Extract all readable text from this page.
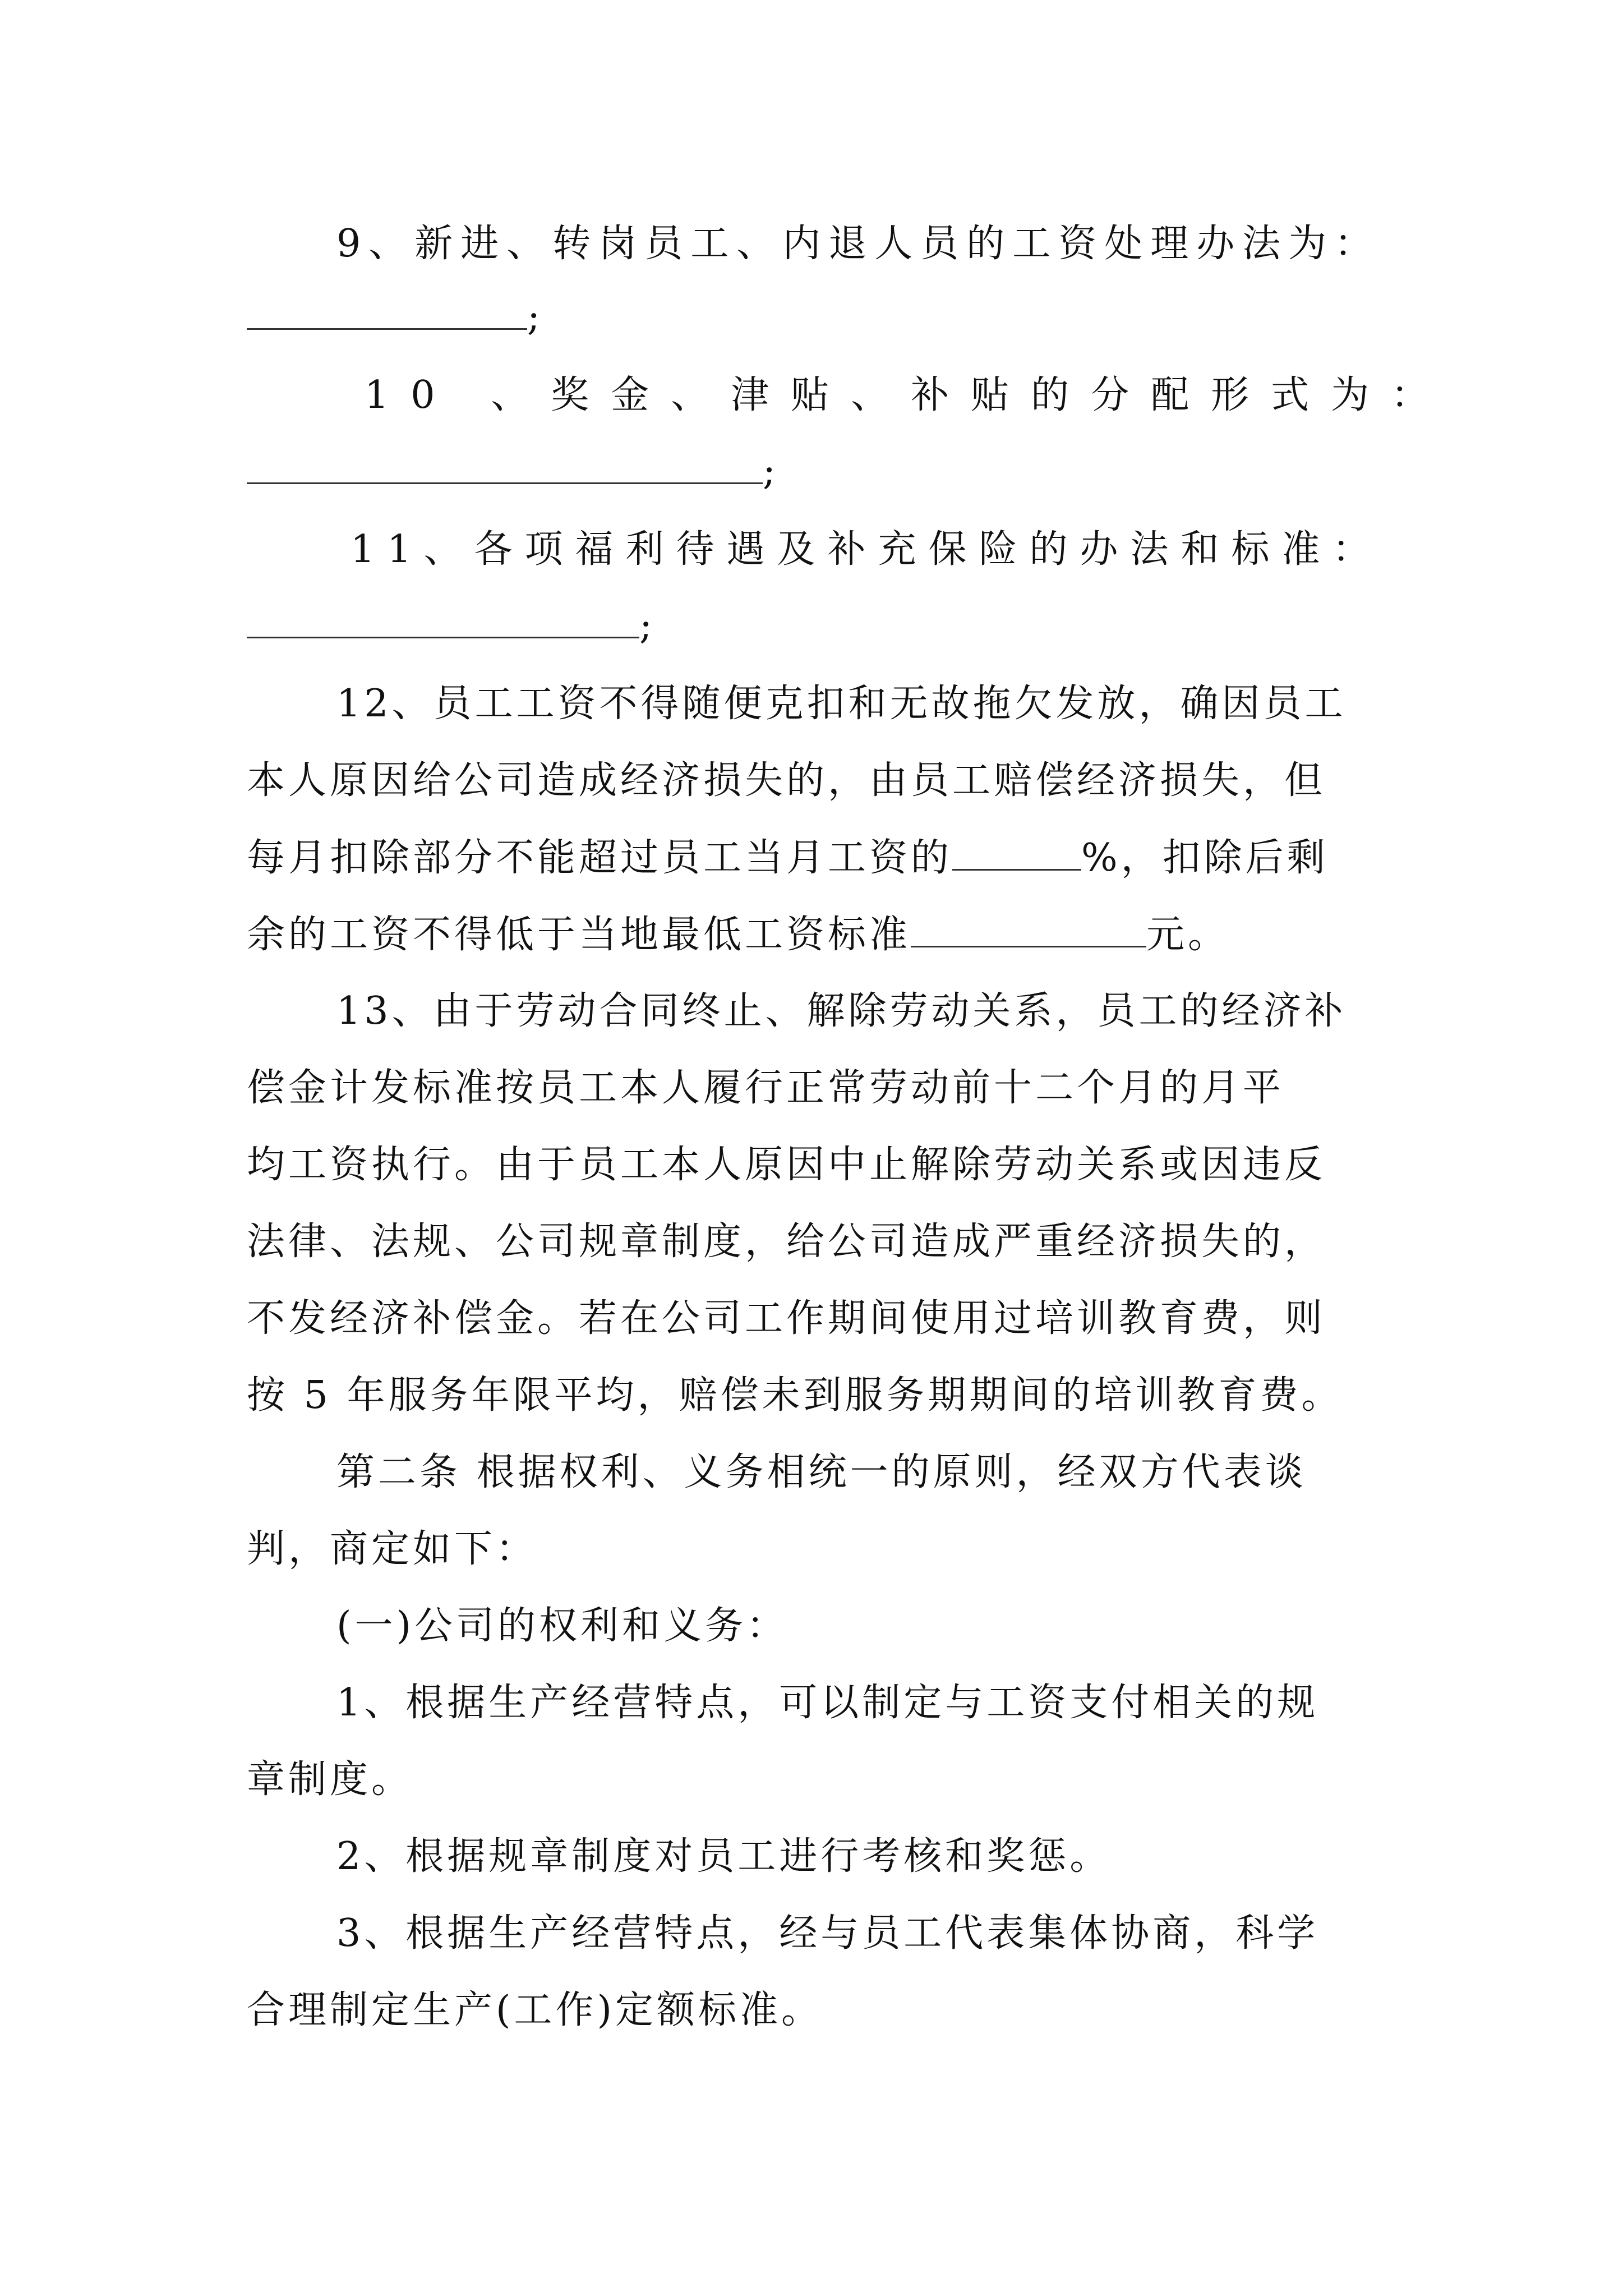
9、新进、转岗员工、内退人员的工资处理办法为：
;
10 、奖金、津贴、补贴的分配形式为：
;
11、各项福利待遇及补充保险的办法和标准：
;
12、员工工资不得随便克扣和无故拖欠发放，确因员工
本人原因给公司造成经济损失的，由员工赔偿经济损失，但
每月扣除部分不能超过员工当月工资的	%，扣除后剩
余的工资不得低于当地最低工资标准	元。
13、由于劳动合同终止、解除劳动关系，员工的经济补
偿金计发标准按员工本人履行正常劳动前十二个月的月平
均工资执行。由于员工本人原因中止解除劳动关系或因违反
法律、法规、公司规章制度，给公司造成严重经济损失的，
不发经济补偿金。若在公司工作期间使用过培训教育费，则
按 5 年服务年限平均，赔偿未到服务期期间的培训教育费。
第二条 根据权利、义务相统一的原则，经双方代表谈
判，商定如下：
(一)公司的权利和义务：
1、根据生产经营特点，可以制定与工资支付相关的规
章制度。
2、根据规章制度对员工进行考核和奖惩。
3、根据生产经营特点，经与员工代表集体协商，科学
合理制定生产(工作)定额标准。
